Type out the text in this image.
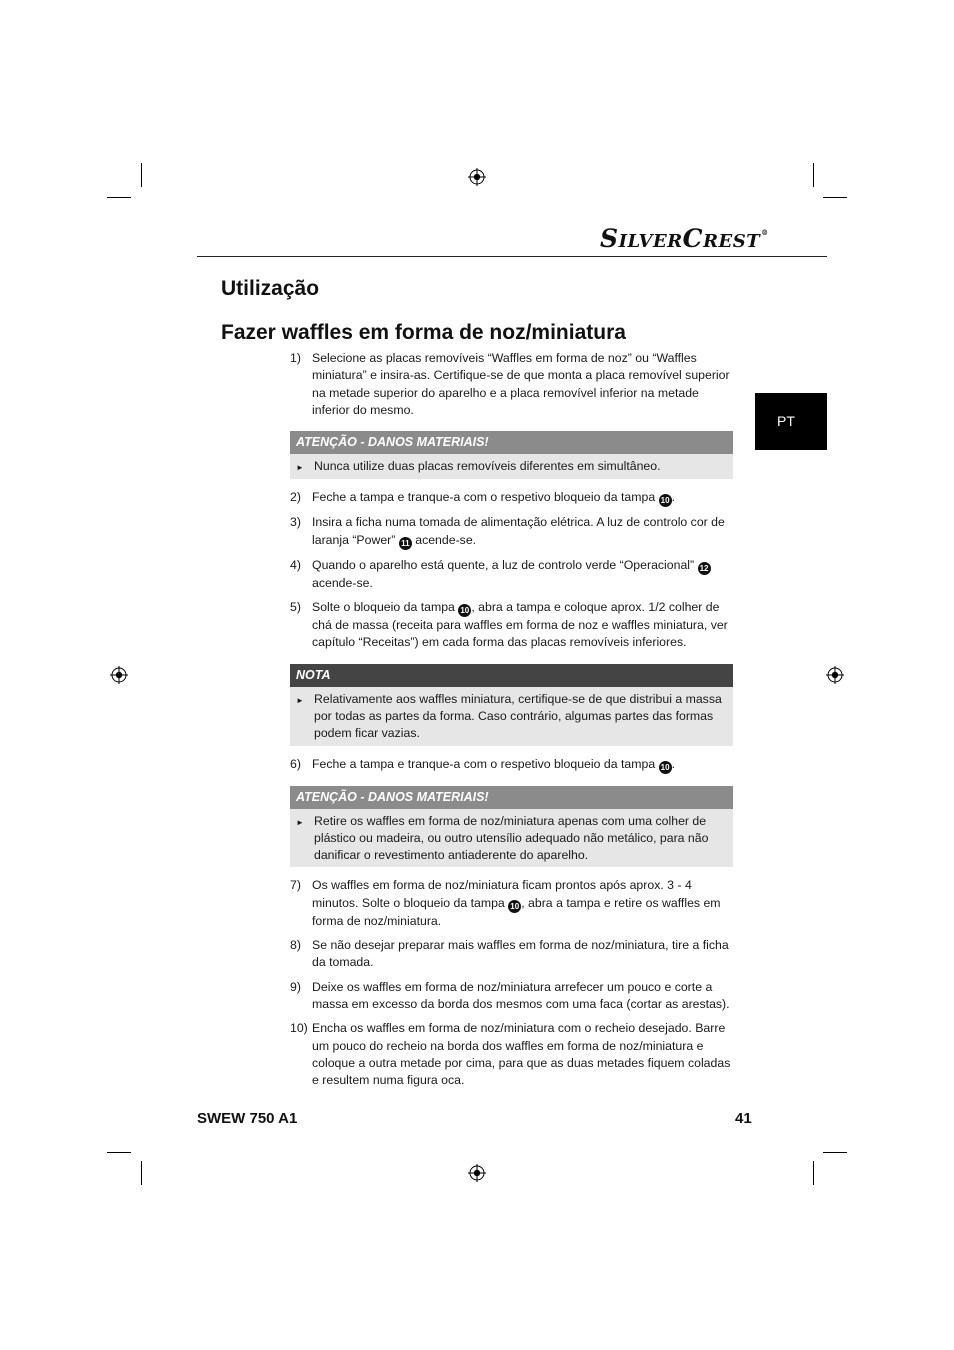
SILVERCREST®
Utilização
Fazer waffles em forma de noz/miniatura
PT
1) Selecione as placas removíveis “Waffles em forma de noz” ou “Waffles miniatura” e insira-as. Certifique-se de que monta a placa removível superior na metade superior do aparelho e a placa removível inferior na metade inferior do mesmo.
ATENÇÃO - DANOS MATERIAIS!
► Nunca utilize duas placas removíveis diferentes em simultâneo.
2) Feche a tampa e tranque-a com o respetivo bloqueio da tampa 10 .
3) Insira a ficha numa tomada de alimentação elétrica. A luz de controlo cor de laranja “Power” 11 acende-se.
4) Quando o aparelho está quente, a luz de controlo verde “Operacional” 12 acende-se.
5) Solte o bloqueio da tampa 10 , abra a tampa e coloque aprox. 1/2 colher de chá de massa (receita para waffles em forma de noz e waffles miniatura, ver capítulo “Receitas”) em cada forma das placas removíveis inferiores.
NOTA
► Relativamente aos waffles miniatura, certifique-se de que distribui a massa por todas as partes da forma. Caso contrário, algumas partes das formas podem ficar vazias.
6) Feche a tampa e tranque-a com o respetivo bloqueio da tampa 10 .
ATENÇÃO - DANOS MATERIAIS!
► Retire os waffles em forma de noz/miniatura apenas com uma colher de plástico ou madeira, ou outro utensílio adequado não metálico, para não danificar o revestimento antiaderente do aparelho.
7) Os waffles em forma de noz/miniatura ficam prontos após aprox. 3 - 4 minutos. Solte o bloqueio da tampa 10 , abra a tampa e retire os waffles em forma de noz/miniatura.
8) Se não desejar preparar mais waffles em forma de noz/miniatura, tire a ficha da tomada.
9) Deixe os waffles em forma de noz/miniatura arrefecer um pouco e corte a massa em excesso da borda dos mesmos com uma faca (cortar as arestas).
10) Encha os waffles em forma de noz/miniatura com o recheio desejado. Barre um pouco do recheio na borda dos waffles em forma de noz/miniatura e coloque a outra metade por cima, para que as duas metades fiquem coladas e resultem numa figura oca.
SWEW 750 A1	41
